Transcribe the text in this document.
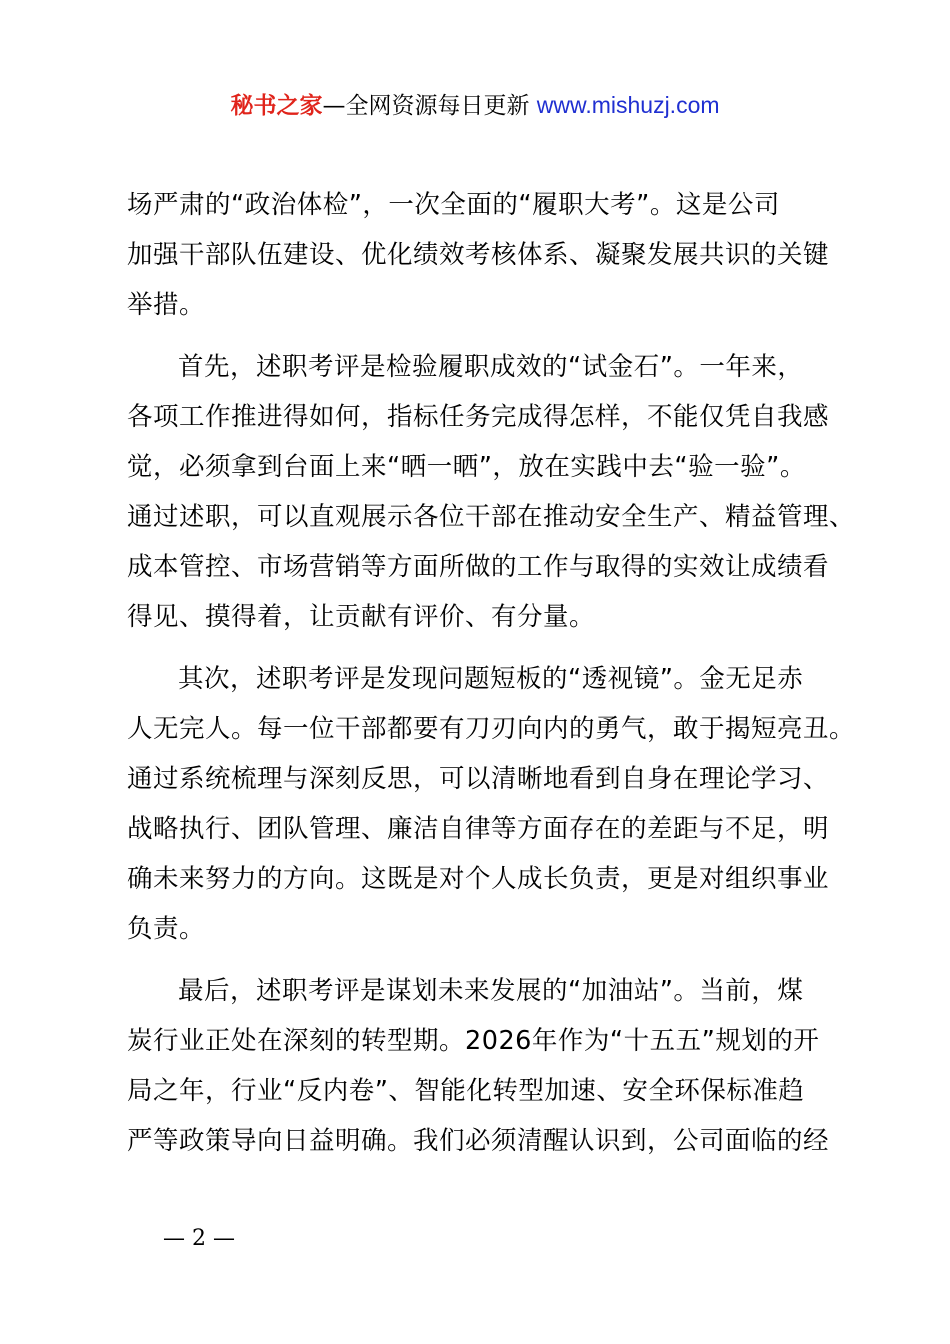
秘书之家—全网资源每日更新 www.mishuzj.com

场严肃的“政治体检”，一次全面的“履职大考”。这是公司
加强干部队伍建设、优化绩效考核体系、凝聚发展共识的关键
举措。

首先，述职考评是检验履职成效的“试金石”。一年来，
各项工作推进得如何，指标任务完成得怎样，不能仅凭自我感
觉，必须拿到台面上来“晒一晒”，放在实践中去“验一验”。
通过述职，可以直观展示各位干部在推动安全生产、精益管理、
成本管控、市场营销等方面所做的工作与取得的实效让成绩看
得见、摸得着，让贡献有评价、有分量。

其次，述职考评是发现问题短板的“透视镜”。金无足赤
人无完人。每一位干部都要有刀刃向内的勇气，敢于揭短亮丑。
通过系统梳理与深刻反思，可以清晰地看到自身在理论学习、
战略执行、团队管理、廉洁自律等方面存在的差距与不足，明
确未来努力的方向。这既是对个人成长负责，更是对组织事业
负责。

最后，述职考评是谋划未来发展的“加油站”。当前，煤
炭行业正处在深刻的转型期。2026年作为“十五五”规划的开
局之年，行业“反内卷”、智能化转型加速、安全环保标准趋
严等政策导向日益明确。我们必须清醒认识到，公司面临的经

— 2 —
